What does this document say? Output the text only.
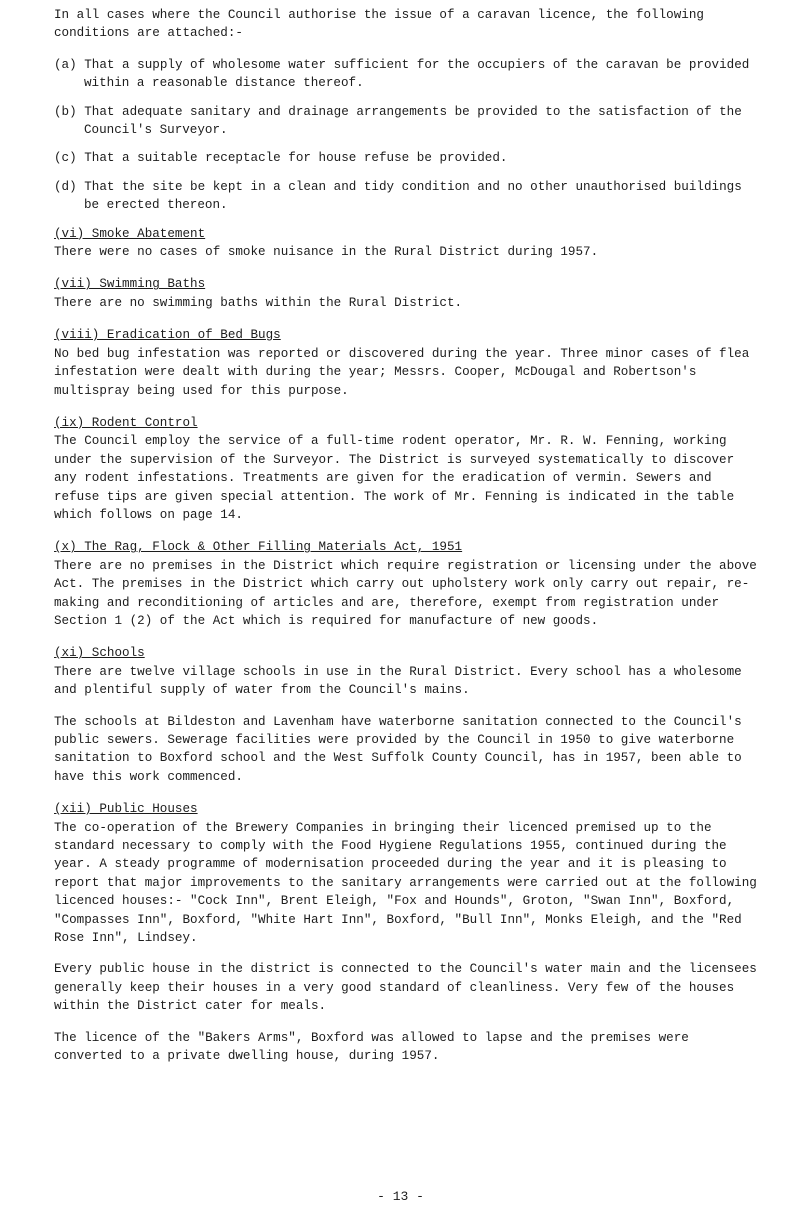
In all cases where the Council authorise the issue of a caravan licence, the following conditions are attached:-

(a) That a supply of wholesome water sufficient for the occupiers of the caravan be provided within a reasonable distance thereof.

(b) That adequate sanitary and drainage arrangements be provided to the satisfaction of the Council's Surveyor.

(c) That a suitable receptacle for house refuse be provided.

(d) That the site be kept in a clean and tidy condition and no other unauthorised buildings be erected thereon.

(vi) Smoke Abatement

There were no cases of smoke nuisance in the Rural District during 1957.

(vii) Swimming Baths

There are no swimming baths within the Rural District.

(viii) Eradication of Bed Bugs

No bed bug infestation was reported or discovered during the year. Three minor cases of flea infestation were dealt with during the year; Messrs. Cooper, McDougal and Robertson's multispray being used for this purpose.

(ix) Rodent Control

The Council employ the service of a full-time rodent operator, Mr. R. W. Fenning, working under the supervision of the Surveyor. The District is surveyed systematically to discover any rodent infestations. Treatments are given for the eradication of vermin. Sewers and refuse tips are given special attention. The work of Mr. Fenning is indicated in the table which follows on page 14.

(x) The Rag, Flock & Other Filling Materials Act, 1951

There are no premises in the District which require registration or licensing under the above Act. The premises in the District which carry out upholstery work only carry out repair, re-making and reconditioning of articles and are, therefore, exempt from registration under Section 1 (2) of the Act which is required for manufacture of new goods.

(xi) Schools

There are twelve village schools in use in the Rural District. Every school has a wholesome and plentiful supply of water from the Council's mains.

The schools at Bildeston and Lavenham have waterborne sanitation connected to the Council's public sewers. Sewerage facilities were provided by the Council in 1950 to give waterborne sanitation to Boxford school and the West Suffolk County Council, has in 1957, been able to have this work commenced.

(xii) Public Houses

The co-operation of the Brewery Companies in bringing their licenced premised up to the standard necessary to comply with the Food Hygiene Regulations 1955, continued during the year. A steady programme of modernisation proceeded during the year and it is pleasing to report that major improvements to the sanitary arrangements were carried out at the following licenced houses:- "Cock Inn", Brent Eleigh, "Fox and Hounds", Groton, "Swan Inn", Boxford, "Compasses Inn", Boxford, "White Hart Inn", Boxford, "Bull Inn", Monks Eleigh, and the "Red Rose Inn", Lindsey.

Every public house in the district is connected to the Council's water main and the licensees generally keep their houses in a very good standard of cleanliness. Very few of the houses within the District cater for meals.

The licence of the "Bakers Arms", Boxford was allowed to lapse and the premises were converted to a private dwelling house, during 1957.

- 13 -
